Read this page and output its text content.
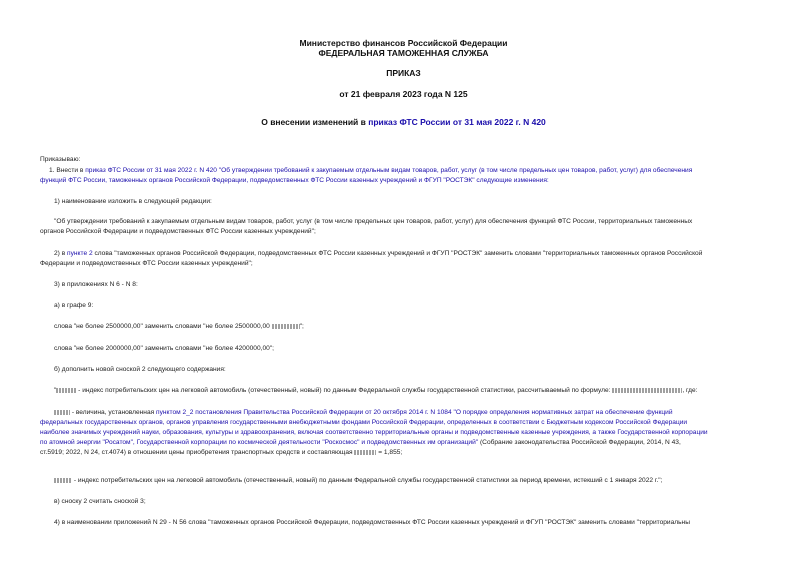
Министерство финансов Российской Федерации
ФЕДЕРАЛЬНАЯ ТАМОЖЕННАЯ СЛУЖБА
ПРИКАЗ
от 21 февраля 2023 года N 125
О внесении изменений в приказ ФТС России от 31 мая 2022 г. N 420
Приказываю:
1. Внести в приказ ФТС России от 31 мая 2022 г. N 420 "Об утверждении требований к закупаемым отдельным видам товаров, работ, услуг (в том числе предельных цен товаров, работ, услуг) для обеспечения
функций ФТС России, таможенных органов Российской Федерации, подведомственных ФТС России казенных учреждений и ФГУП "РОСТЭК" следующие изменения:
1) наименование изложить в следующей редакции:
"Об утверждении требований к закупаемым отдельным видам товаров, работ, услуг (в том числе предельных цен товаров, работ, услуг) для обеспечения функций ФТС России, территориальных таможенных
органов Российской Федерации и подведомственных ФТС России казенных учреждений";
2) в пункте 2 слова "таможенных органов Российской Федерации, подведомственных ФТС России казенных учреждений и ФГУП "РОСТЭК" заменить словами "территориальных таможенных органов Российской
Федерации и подведомственных ФТС России казенных учреждений";
3) в приложениях N 6 - N 8:
а) в графе 9:
слова "не более 2500000,00" заменить словами "не более 2500000,00	";
слова "не более 2000000,00" заменить словами "не более 4200000,00";
б) дополнить новой сноской 2 следующего содержания:
"	- индекс потребительских цен на легковой автомобиль (отечественный, новый) по данным Федеральной службы государственной статистики, рассчитываемый по формуле:	, где:
- величина, установленная пунктом 2_2 постановления Правительства Российской Федерации от 20 октября 2014 г. N 1084 "О порядке определения нормативных затрат на обеспечение функций
федеральных государственных органов, органов управления государственными внебюджетными фондами Российской Федерации, определенных в соответствии с Бюджетным кодексом Российской Федерации
наиболее значимых учреждений науки, образования, культуры и здравоохранения, включая соответственно территориальные органы и подведомственные казенные учреждения, а также Государственной корпорации
по атомной энергии "Росатом", Государственной корпорации по космической деятельности "Роскосмос" и подведомственных им организаций" (Собрание законодательства Российской Федерации, 2014, N 43,
ст.5919; 2022, N 24, ст.4074) в отношении цены приобретения транспортных средств и составляющая	= 1,855;
- индекс потребительских цен на легковой автомобиль (отечественный, новый) по данным Федеральной службы государственной статистики за период времени, истекший с 1 января 2022 г.";
в) сноску 2 считать сноской 3;
4) в наименовании приложений N 29 - N 56 слова "таможенных органов Российской Федерации, подведомственных ФТС России казенных учреждений и ФГУП "РОСТЭК" заменить словами "территориальны
